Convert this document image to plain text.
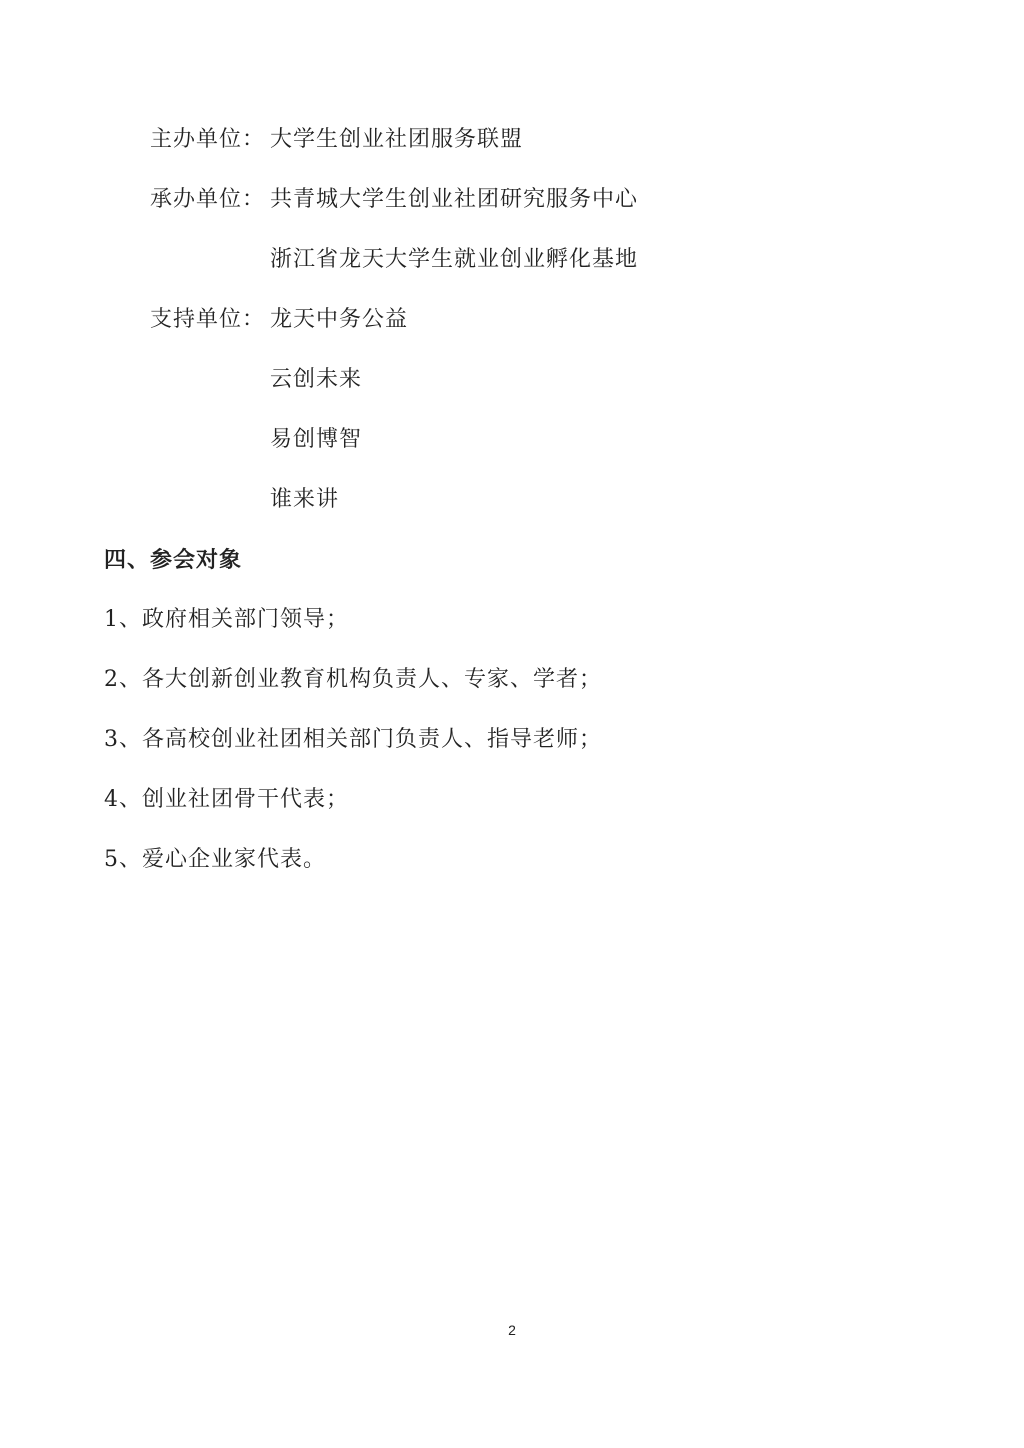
主办单位： 大学生创业社团服务联盟
承办单位： 共青城大学生创业社团研究服务中心
浙江省龙天大学生就业创业孵化基地
支持单位： 龙天中务公益
云创未来
易创博智
谁来讲
四、参会对象
1、政府相关部门领导；
2、各大创新创业教育机构负责人、专家、学者；
3、各高校创业社团相关部门负责人、指导老师；
4、创业社团骨干代表；
5、爱心企业家代表。
2
